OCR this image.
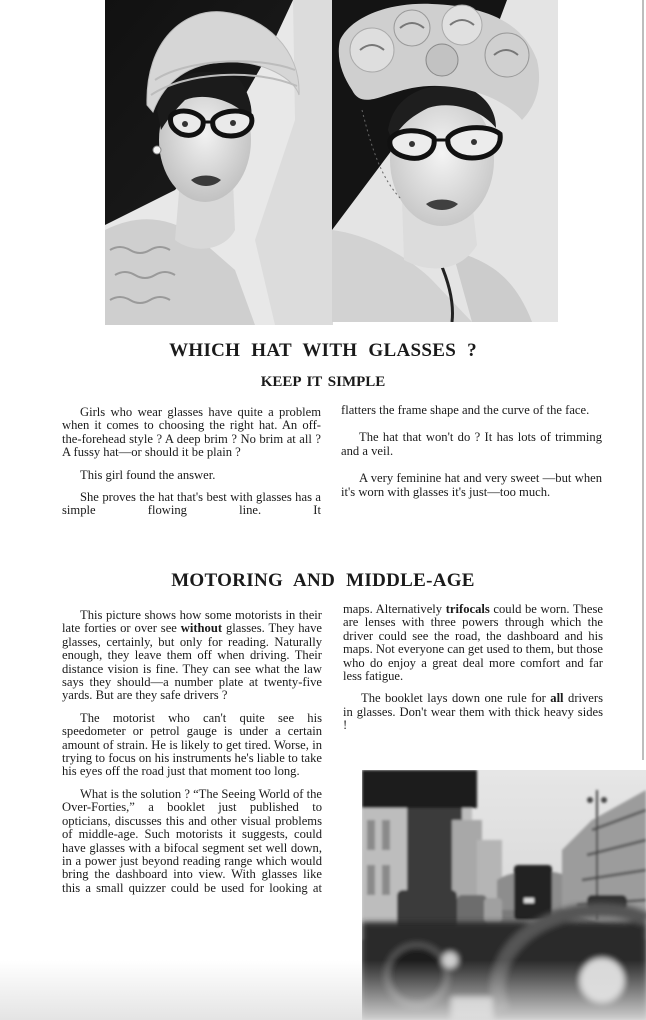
WHICH HAT WITH GLASSES ?
KEEP IT SIMPLE

Girls who wear glasses have quite a problem when it comes to choosing the right hat. An off-the-forehead style ? A deep brim ? No brim at all ? A fussy hat—or should it be plain ?

This girl found the answer.

She proves the hat that's best with glasses has a simple flowing line. It

flatters the frame shape and the curve of the face.

The hat that won't do ? It has lots of trimming and a veil.

A very feminine hat and very sweet —but when it's worn with glasses it's just—too much.

MOTORING AND MIDDLE-AGE

This picture shows how some motorists in their late forties or over see without glasses. They have glasses, certainly, but only for reading. Naturally enough, they leave them off when driving. Their distance vision is fine. They can see what the law says they should—a number plate at twenty-five yards. But are they safe drivers ?

The motorist who can't quite see his speedometer or petrol gauge is under a certain amount of strain. He is likely to get tired. Worse, in trying to focus on his instruments he's liable to take his eyes off the road just that moment too long.

What is the solution ? “The Seeing World of the Over-Forties,” a booklet just published to opticians, discusses this and other visual problems of middle-age. Such motorists it suggests, could have glasses with a bifocal segment set well down, in a power just beyond reading range which would bring the dashboard into view. With glasses like this a small quizzer could be used for looking at

maps. Alternatively trifocals could be worn. These are lenses with three powers through which the driver could see the road, the dashboard and his maps. Not everyone can get used to them, but those who do enjoy a great deal more comfort and far less fatigue.

The booklet lays down one rule for all drivers in glasses. Don't wear them with thick heavy sides !
